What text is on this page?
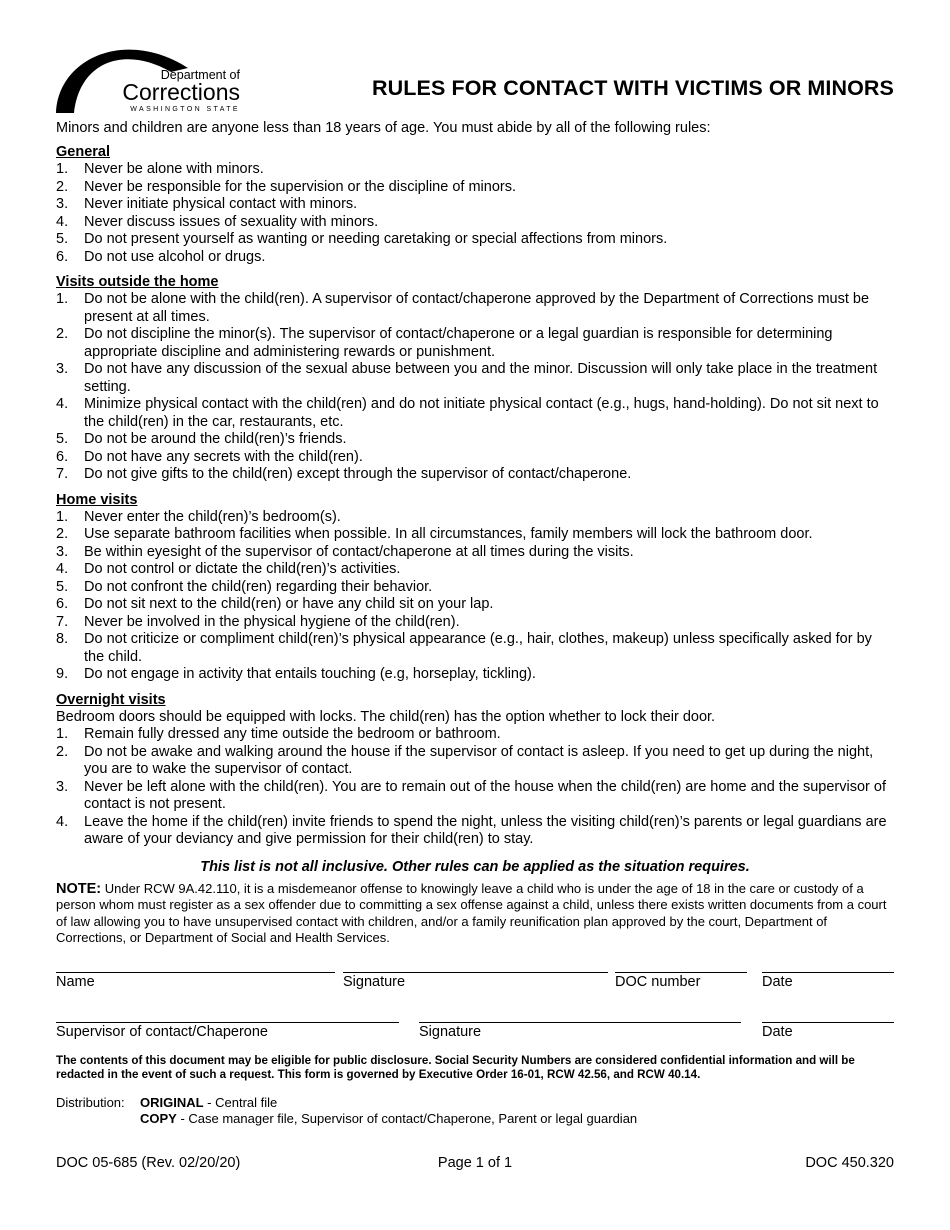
Department of
Corrections
WASHINGTON STATE
RULES FOR CONTACT WITH VICTIMS OR MINORS
Minors and children are anyone less than 18 years of age. You must abide by all of the following rules:
General
1. Never be alone with minors.
2. Never be responsible for the supervision or the discipline of minors.
3. Never initiate physical contact with minors.
4. Never discuss issues of sexuality with minors.
5. Do not present yourself as wanting or needing caretaking or special affections from minors.
6. Do not use alcohol or drugs.
Visits outside the home
1. Do not be alone with the child(ren). A supervisor of contact/chaperone approved by the Department of Corrections must be present at all times.
2. Do not discipline the minor(s). The supervisor of contact/chaperone or a legal guardian is responsible for determining appropriate discipline and administering rewards or punishment.
3. Do not have any discussion of the sexual abuse between you and the minor. Discussion will only take place in the treatment setting.
4. Minimize physical contact with the child(ren) and do not initiate physical contact (e.g., hugs, hand-holding). Do not sit next to the child(ren) in the car, restaurants, etc.
5. Do not be around the child(ren)’s friends.
6. Do not have any secrets with the child(ren).
7. Do not give gifts to the child(ren) except through the supervisor of contact/chaperone.
Home visits
1. Never enter the child(ren)’s bedroom(s).
2. Use separate bathroom facilities when possible. In all circumstances, family members will lock the bathroom door.
3. Be within eyesight of the supervisor of contact/chaperone at all times during the visits.
4. Do not control or dictate the child(ren)’s activities.
5. Do not confront the child(ren) regarding their behavior.
6. Do not sit next to the child(ren) or have any child sit on your lap.
7. Never be involved in the physical hygiene of the child(ren).
8. Do not criticize or compliment child(ren)’s physical appearance (e.g., hair, clothes, makeup) unless specifically asked for by the child.
9. Do not engage in activity that entails touching (e.g, horseplay, tickling).
Overnight visits
Bedroom doors should be equipped with locks. The child(ren) has the option whether to lock their door.
1. Remain fully dressed any time outside the bedroom or bathroom.
2. Do not be awake and walking around the house if the supervisor of contact is asleep. If you need to get up during the night, you are to wake the supervisor of contact.
3. Never be left alone with the child(ren). You are to remain out of the house when the child(ren) are home and the supervisor of contact is not present.
4. Leave the home if the child(ren) invite friends to spend the night, unless the visiting child(ren)’s parents or legal guardians are aware of your deviancy and give permission for their child(ren) to stay.
This list is not all inclusive. Other rules can be applied as the situation requires.
NOTE: Under RCW 9A.42.110, it is a misdemeanor offense to knowingly leave a child who is under the age of 18 in the care or custody of a person whom must register as a sex offender due to committing a sex offense against a child, unless there exists written documents from a court of law allowing you to have unsupervised contact with children, and/or a family reunification plan approved by the court, Department of Corrections, or Department of Social and Health Services.
Name	Signature	DOC number	Date
Supervisor of contact/Chaperone	Signature	Date
The contents of this document may be eligible for public disclosure. Social Security Numbers are considered confidential information and will be redacted in the event of such a request. This form is governed by Executive Order 16-01, RCW 42.56, and RCW 40.14.
Distribution: ORIGINAL - Central file
COPY - Case manager file, Supervisor of contact/Chaperone, Parent or legal guardian
DOC 05-685 (Rev. 02/20/20)	Page 1 of 1	DOC 450.320
